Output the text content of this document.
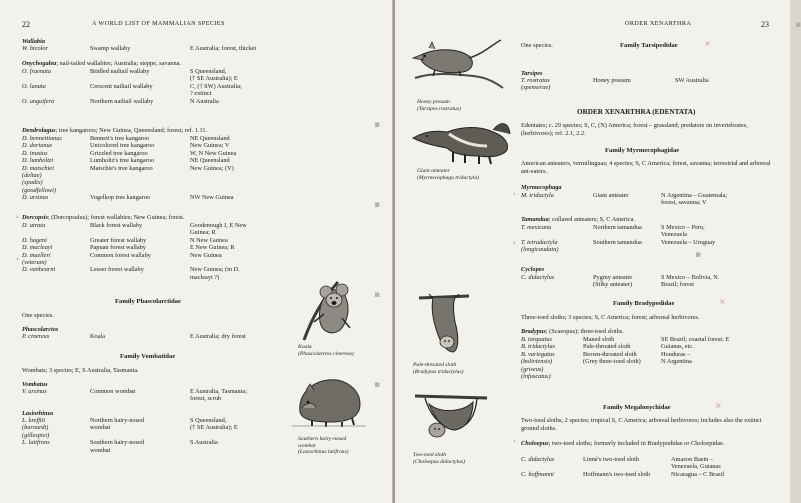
22	A WORLD LIST OF MAMMALIAN SPECIES
Wallabia
W. bicolor	Swamp wallaby	E Australia; forest, thicket
Onychogalea; nail-tailed wallabies; Australia; steppe, savanna.
O. fraenata	Bridled nailtail wallaby	S Queensland,
(† SE Australia); E
O. lunata	Crescent nailtail wallaby	C, († SW) Australia;
? extinct
O. unguifera	Northern nailtail wallaby	N Australia
Dendrolagus; tree kangaroos; New Guinea, Queensland; forest; ref. 1.11.
D. bennettianus	Bennett's tree kangaroo	NE Queensland
D. dorianus	Unicolored tree kangaroo	New Guinea; V
D. inustus	Grizzled tree kangaroo	W, N New Guinea
D. lumholtzi	Lumholtz's tree kangaroo	NE Queensland
D. matschiei	Matschie's tree kangaroo	New Guinea; (V)
(deltae)
(spadix)
(goodfellowi)
D. ursinus	Vogelkop tree kangaroo	NW New Guinea
Dorcopsis; (Dorcopsulus); forest wallabies; New Guinea; forest.
D. atrata	Black forest wallaby	Goodenough I, E New
Guinea; R
D. hageni	Greater forest wallaby	N New Guinea
D. macleayi	Papuan forest wallaby	E New Guinea; R
D. muelleri	Common forest wallaby	New Guinea
(veterum)
D. vanheurni	Lesser forest wallaby	New Guinea; (in D.
macleayi ?)
Family Phascolarctidae
One species.
Phascolarctos
P. cinereus	Koala	E Australia; dry forest
Family Vombatidae
Wombats; 3 species; E, S Australia, Tasmania.
Vombatus
V. ursinus	Common wombat	E Australia, Tasmania;
forest, scrub
Lasiorhinus
L. krefftii	Northern hairy-nosed	S Queensland,
(barnardi)	wombat	(† SE Australia); E
(gillespiei)
L. latifrons	Southern hairy-nosed	S Australia
wombat
Koala
(Phascolarctos cinereus)
Southern hairy-nosed
wombat
(Lasiorhinus latifrons)
›
›
▪
▪
▪
▪
ORDER XENARTHRA	23
Honey possum
(Tarsipes rostratus)
Giant anteater
(Myrmecophaga tridactyla)
Pale-throated sloth
(Bradypus tridactylus)
Two-toed sloth
(Choloepus didactylus)
One species.	Family Tarsipedidae
Tarsipes
T. rostratus	Honey possum	SW Australia
(spenserae)
ORDER XENARTHRA (EDENTATA)
Edentates; c. 29 species; S, C, (N) America; forest – grassland; predators on invertebrates, (herbivores); ref. 2.1, 2.2.
Family Myrmecophagidae
American anteaters, vermilinguas; 4 species; S, C America; forest, savanna; terrestrial and arboreal ant-eaters.
Myrmecophaga
M. tridactyla	Giant anteater	N Argentina – Guatemala;
forest, savanna; V
Tamandua; collared anteaters; S, C America.
T. mexicana	Northern tamandua	S Mexico – Peru,
Venezuela
T. tetradactyla	Southern tamandua	Venezuela – Uruguay
(longicaudata)
Cyclopes
C. didactylus	Pygmy anteater	S Mexico – Bolivia, N
(Silky anteater)	Brazil; forest
Family Bradypodidae
Three-toed sloths; 3 species; S, C America; forest; arboreal herbivores.
Bradypus; (Scaeopus); three-toed sloths.
B. torquatus	Maned sloth	SE Brazil; coastal forest; E
B. tridactylus	Pale-throated sloth	Guianas, etc.
B. variegatus	Brown-throated sloth	Honduras –
(boliviensis)	(Grey three-toed sloth)	N Argentina
(griseus)
(infuscatus)
Family Megalonychidae
Two-toed sloths; 2 species; tropical S, C America; arboreal herbivores; includes also the extinct ground sloths.
Choloepus; two-toed sloths; formerly included in Bradypodidae or Choloepidae.
C. didactylus	Linné's two-toed sloth	Amazon Basin –
Venezuela, Guianas
C. hoffmanni	Hoffmann's two-toed sloth	Nicaragua – C Brazil
×
×
×
›
›
›
▪
▪
